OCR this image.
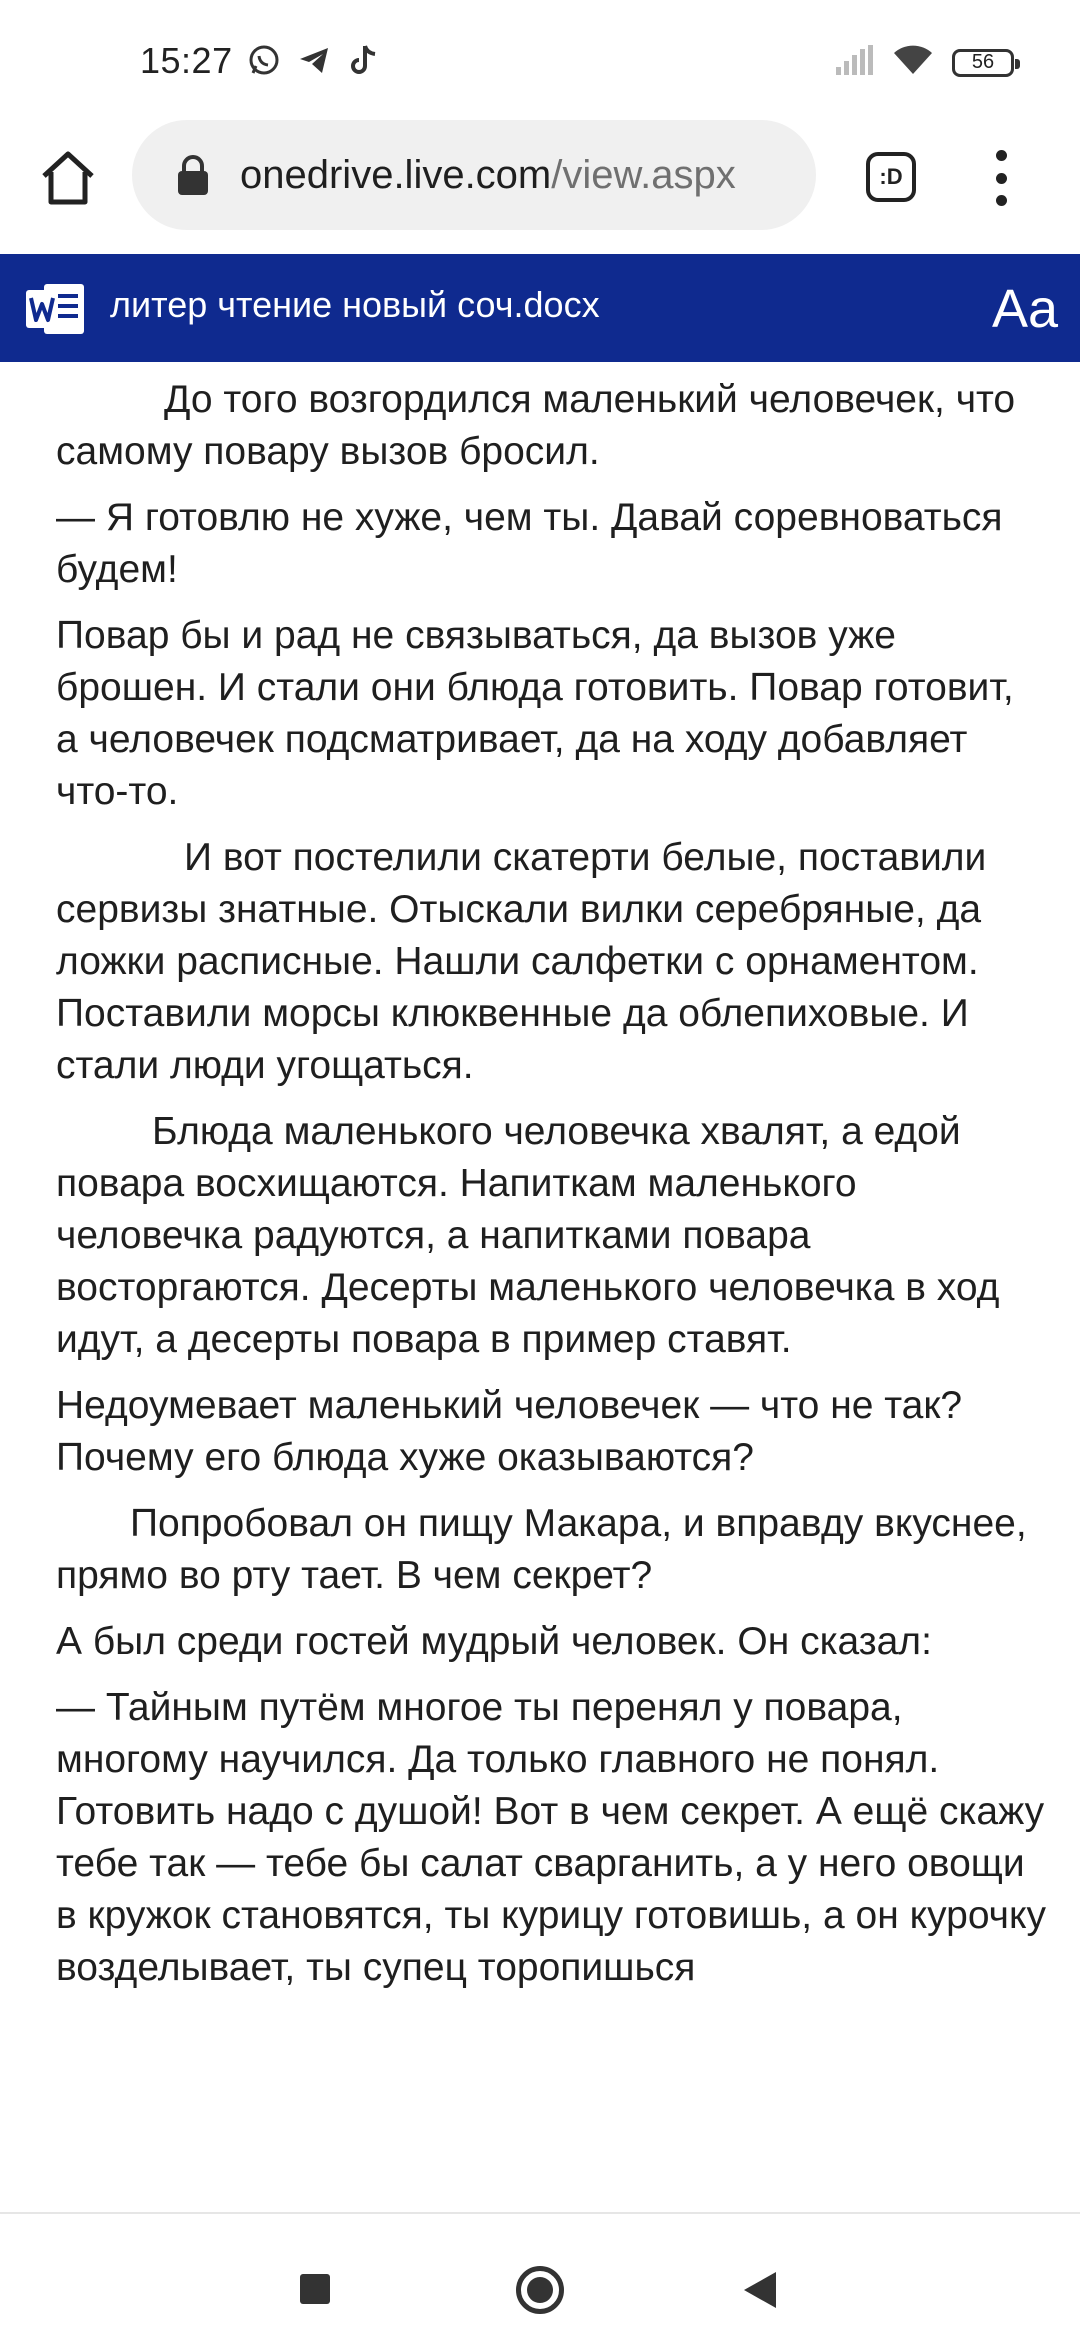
15:27	56
onedrive.live.com/view.aspx	:D
литер чтение новый соч.docx	Aa

До того возгордился маленький человечек, что самому повару вызов бросил.

— Я готовлю не хуже, чем ты. Давай соревноваться будем!

Повар бы и рад не связываться, да вызов уже брошен. И стали они блюда готовить. Повар готовит, а человечек подсматривает, да на ходу добавляет что-то.

И вот постелили скатерти белые, поставили сервизы знатные. Отыскали вилки серебряные, да ложки расписные. Нашли салфетки с орнаментом. Поставили морсы клюквенные да облепиховые. И стали люди угощаться.

Блюда маленького человечка хвалят, а едой повара восхищаются. Напиткам маленького человечка радуются, а напитками повара восторгаются. Десерты маленького человечка в ход идут, а десерты повара в пример ставят.

Недоумевает маленький человечек — что не так? Почему его блюда хуже оказываются?

Попробовал он пищу Макара, и вправду вкуснее, прямо во рту тает. В чем секрет?

А был среди гостей мудрый человек. Он сказал:

— Тайным путём многое ты перенял у повара, многому научился. Да только главного не понял. Готовить надо с душой! Вот в чем секрет. А ещё скажу тебе так — тебе бы салат сварганить, а у него овощи в кружок становятся, ты курицу готовишь, а он курочку возделывает, ты супец торопишься
